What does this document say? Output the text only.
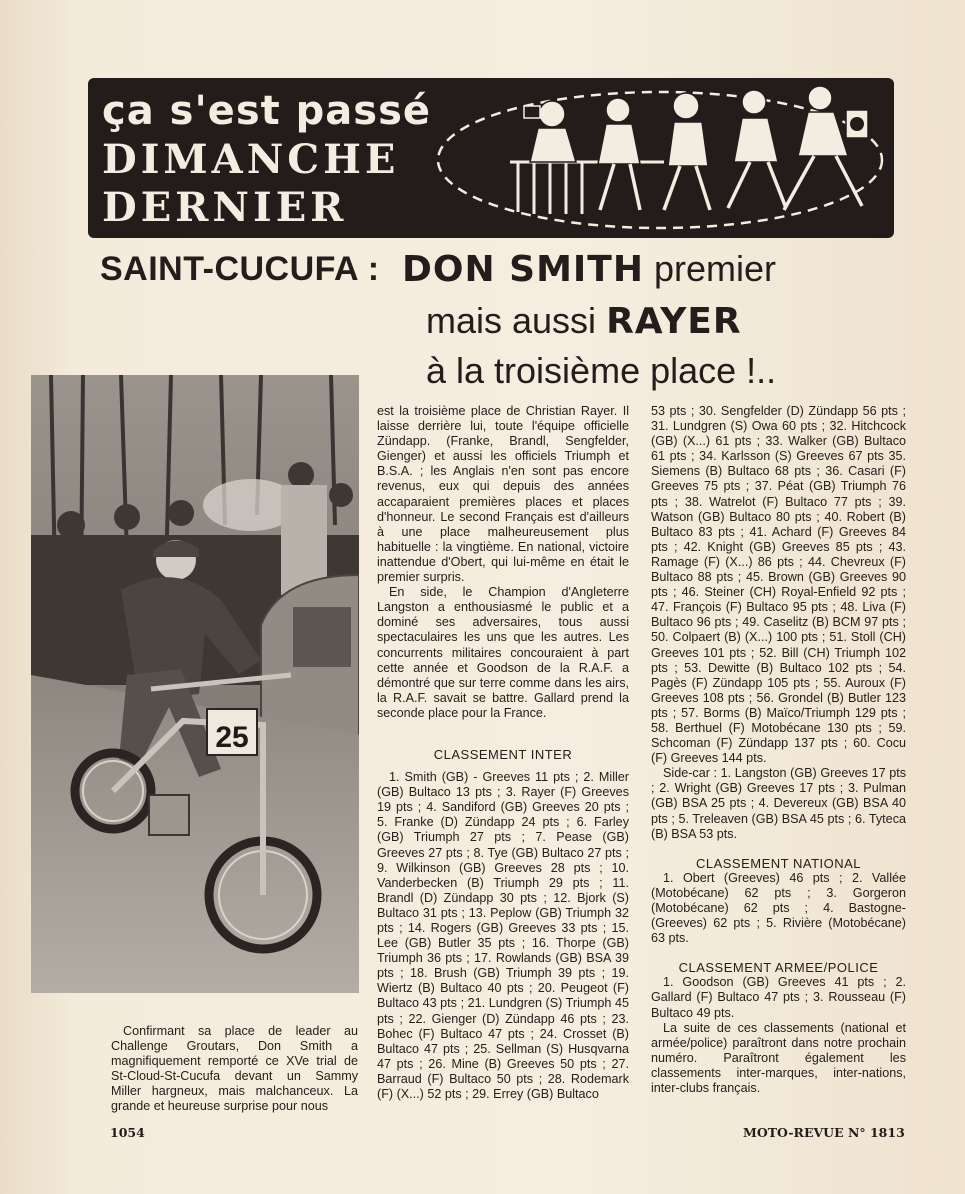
ça s'est passé
DIMANCHE
DERNIER
SAINT-CUCUFA : DON SMITH premier
mais aussi RAYER
à la troisième place !..
25

est la troisième place de Christian Rayer. Il laisse derrière lui, toute l'équipe officielle Zündapp. (Franke, Brandl, Sengfelder, Gienger) et aussi les officiels Triumph et B.S.A. ; les Anglais n'en sont pas encore revenus, eux qui depuis des années accaparaient premières places et places d'honneur. Le second Français est d'ailleurs à une place malheureusement plus habituelle : la vingtième. En national, victoire inattendue d'Obert, qui lui-même en était le premier surpris.

En side, le Champion d'Angleterre Langston a enthousiasmé le public et a dominé ses adversaires, tous aussi spectaculaires les uns que les autres. Les concurrents militaires concouraient à part cette année et Goodson de la R.A.F. a démontré que sur terre comme dans les airs, la R.A.F. savait se battre. Gallard prend la seconde place pour la France.

CLASSEMENT INTER

1. Smith (GB) - Greeves 11 pts ; 2. Miller (GB) Bultaco 13 pts ; 3. Rayer (F) Greeves 19 pts ; 4. Sandiford (GB) Greeves 20 pts ; 5. Franke (D) Zündapp 24 pts ; 6. Farley (GB) Triumph 27 pts ; 7. Pease (GB) Greeves 27 pts ; 8. Tye (GB) Bultaco 27 pts ; 9. Wilkinson (GB) Greeves 28 pts ; 10. Vanderbecken (B) Triumph 29 pts ; 11. Brandl (D) Zündapp 30 pts ; 12. Bjork (S) Bultaco 31 pts ; 13. Peplow (GB) Triumph 32 pts ; 14. Rogers (GB) Greeves 33 pts ; 15. Lee (GB) Butler 35 pts ; 16. Thorpe (GB) Triumph 36 pts ; 17. Rowlands (GB) BSA 39 pts ; 18. Brush (GB) Triumph 39 pts ; 19. Wiertz (B) Bultaco 40 pts ; 20. Peugeot (F) Bultaco 43 pts ; 21. Lundgren (S) Triumph 45 pts ; 22. Gienger (D) Zündapp 46 pts ; 23. Bohec (F) Bultaco 47 pts ; 24. Crosset (B) Bultaco 47 pts ; 25. Sellman (S) Husqvarna 47 pts ; 26. Mine (B) Greeves 50 pts ; 27. Barraud (F) Bultaco 50 pts ; 28. Rodemark (F) (X...) 52 pts ; 29. Errey (GB) Bultaco

53 pts ; 30. Sengfelder (D) Zündapp 56 pts ; 31. Lundgren (S) Owa 60 pts ; 32. Hitchcock (GB) (X...) 61 pts ; 33. Walker (GB) Bultaco 61 pts ; 34. Karlsson (S) Greeves 67 pts 35. Siemens (B) Bultaco 68 pts ; 36. Casari (F) Greeves 75 pts ; 37. Péat (GB) Triumph 76 pts ; 38. Watrelot (F) Bultaco 77 pts ; 39. Watson (GB) Bultaco 80 pts ; 40. Robert (B) Bultaco 83 pts ; 41. Achard (F) Greeves 84 pts ; 42. Knight (GB) Greeves 85 pts ; 43. Ramage (F) (X...) 86 pts ; 44. Chevreux (F) Bultaco 88 pts ; 45. Brown (GB) Greeves 90 pts ; 46. Steiner (CH) Royal-Enfield 92 pts ; 47. François (F) Bultaco 95 pts ; 48. Liva (F) Bultaco 96 pts ; 49. Caselitz (B) BCM 97 pts ; 50. Colpaert (B) (X...) 100 pts ; 51. Stoll (CH) Greeves 101 pts ; 52. Bill (CH) Triumph 102 pts ; 53. Dewitte (B) Bultaco 102 pts ; 54. Pagès (F) Zündapp 105 pts ; 55. Auroux (F) Greeves 108 pts ; 56. Grondel (B) Butler 123 pts ; 57. Borms (B) Maïco/Triumph 129 pts ; 58. Berthuel (F) Motobécane 130 pts ; 59. Schcoman (F) Zündapp 137 pts ; 60. Cocu (F) Greeves 144 pts.

Side-car : 1. Langston (GB) Greeves 17 pts ; 2. Wright (GB) Greeves 17 pts ; 3. Pulman (GB) BSA 25 pts ; 4. Devereux (GB) BSA 40 pts ; 5. Treleaven (GB) BSA 45 pts ; 6. Tyteca (B) BSA 53 pts.

CLASSEMENT NATIONAL

1. Obert (Greeves) 46 pts ; 2. Vallée (Motobécane) 62 pts ; 3. Gorgeron (Motobécane) 62 pts ; 4. Bastogne- (Greeves) 62 pts ; 5. Rivière (Motobécane) 63 pts.

CLASSEMENT ARMEE/POLICE

1. Goodson (GB) Greeves 41 pts ; 2. Gallard (F) Bultaco 47 pts ; 3. Rousseau (F) Bultaco 49 pts.

La suite de ces classements (national et armée/police) paraîtront dans notre prochain numéro. Paraîtront également les classements inter-marques, inter-nations, inter-clubs français.

Confirmant sa place de leader au Challenge Groutars, Don Smith a magnifiquement remporté ce XVe trial de St-Cloud-St-Cucufa devant un Sammy Miller hargneux, mais malchanceux. La grande et heureuse surprise pour nous

1054	MOTO-REVUE N° 1813
